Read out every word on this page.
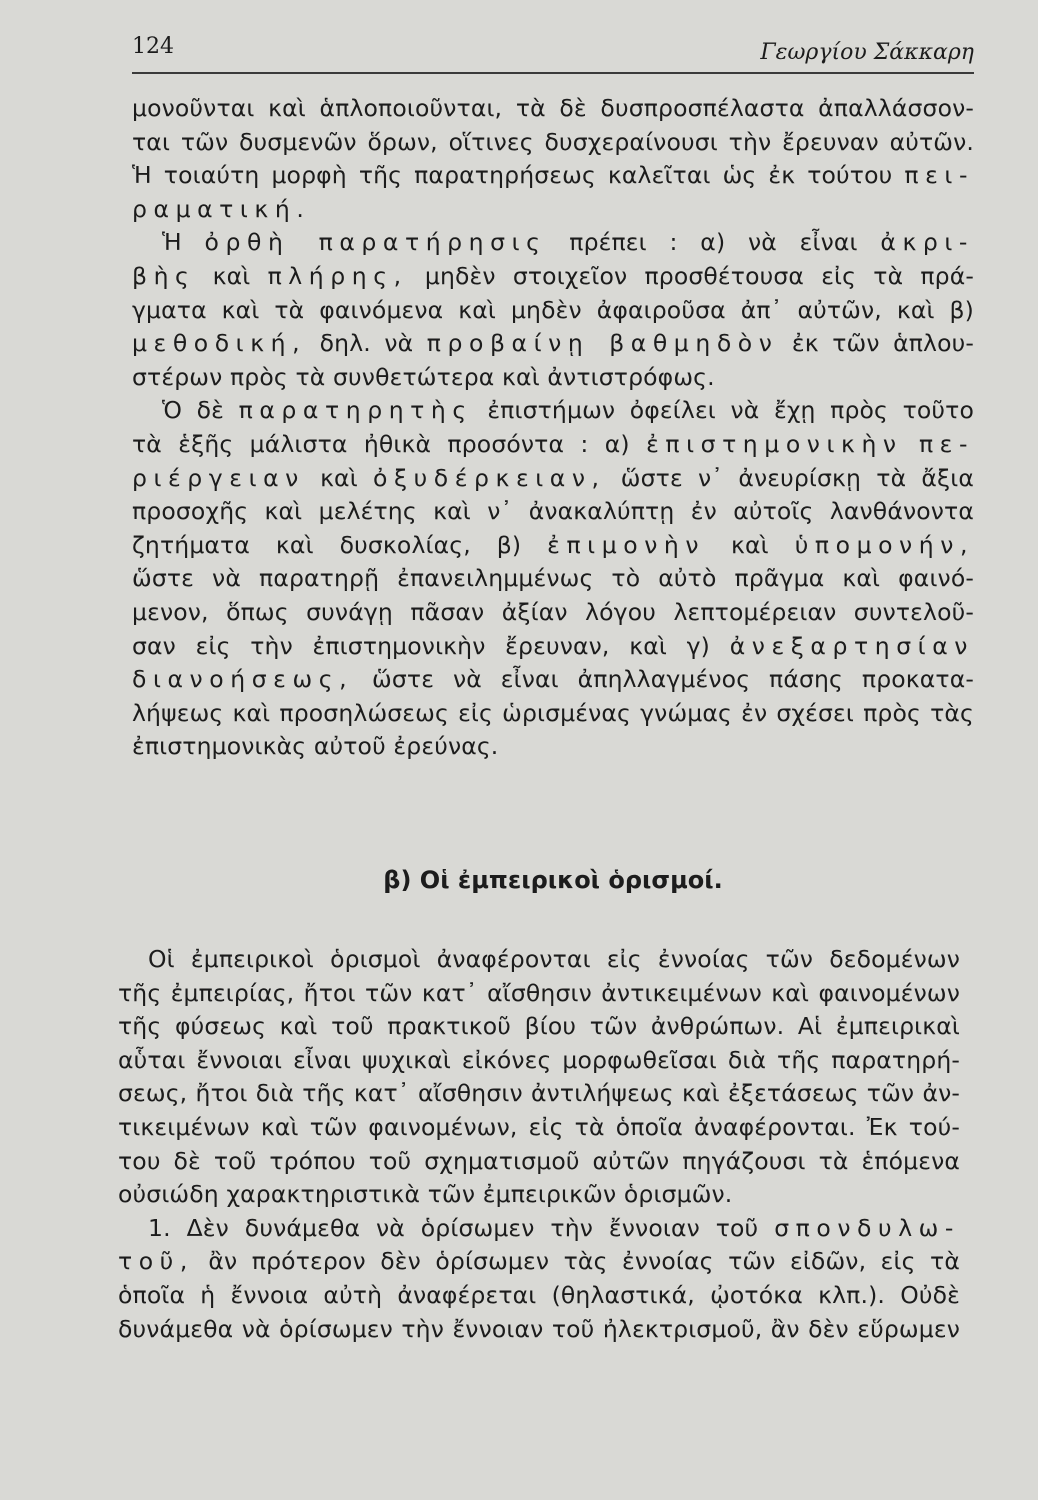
124	Γεωργίου Σάκκαρη
μονοῦνται καὶ ἁπλοποιοῦνται, τὰ δὲ δυσπροσπέλαστα ἀπαλλάσσον-
ται τῶν δυσμενῶν ὅρων, οἵτινες δυσχεραίνουσι τὴν ἔρευναν αὐτῶν.
Ἡ τοιαύτη μορφὴ τῆς παρατηρήσεως καλεῖται ὡς ἐκ τούτου πει-
ραματική.
Ἡ ὀρθὴ παρατήρησις πρέπει : α) νὰ εἶναι ἀκρι-
βὴς καὶ πλήρης, μηδὲν στοιχεῖον προσθέτουσα εἰς τὰ πρά-
γματα καὶ τὰ φαινόμενα καὶ μηδὲν ἀφαιροῦσα ἀπ᾽ αὐτῶν, καὶ β)
μεθοδική, δηλ. νὰ προβαίνῃ βαθμηδὸν ἐκ τῶν ἁπλου-
στέρων πρὸς τὰ συνθετώτερα καὶ ἀντιστρόφως.
Ὁ δὲ παρατηρητὴς ἐπιστήμων ὀφείλει νὰ ἔχῃ πρὸς τοῦτο
τὰ ἑξῆς μάλιστα ἠθικὰ προσόντα : α) ἐπιστημονικὴν πε-
ριέργειαν καὶ ὀξυδέρκειαν, ὥστε ν᾽ ἀνευρίσκῃ τὰ ἄξια
προσοχῆς καὶ μελέτης καὶ ν᾽ ἀνακαλύπτῃ ἐν αὐτοῖς λανθάνοντα
ζητήματα καὶ δυσκολίας, β) ἐπιμονὴν καὶ ὑπομονήν,
ὥστε νὰ παρατηρῇ ἐπανειλημμένως τὸ αὐτὸ πρᾶγμα καὶ φαινό-
μενον, ὅπως συνάγῃ πᾶσαν ἀξίαν λόγου λεπτομέρειαν συντελοῦ-
σαν εἰς τὴν ἐπιστημονικὴν ἔρευναν, καὶ γ) ἀνεξαρτησίαν
διανοήσεως, ὥστε νὰ εἶναι ἀπηλλαγμένος πάσης προκατα-
λήψεως καὶ προσηλώσεως εἰς ὡρισμένας γνώμας ἐν σχέσει πρὸς τὰς
ἐπιστημονικὰς αὐτοῦ ἐρεύνας.
β) Οἱ ἐμπειρικοὶ ὁρισμοί.
Οἱ ἐμπειρικοὶ ὁρισμοὶ ἀναφέρονται εἰς ἐννοίας τῶν δεδομένων
τῆς ἐμπειρίας, ἤτοι τῶν κατ᾽ αἴσθησιν ἀντικειμένων καὶ φαινομένων
τῆς φύσεως καὶ τοῦ πρακτικοῦ βίου τῶν ἀνθρώπων. Αἱ ἐμπειρικαὶ
αὗται ἔννοιαι εἶναι ψυχικαὶ εἰκόνες μορφωθεῖσαι διὰ τῆς παρατηρή-
σεως, ἤτοι διὰ τῆς κατ᾽ αἴσθησιν ἀντιλήψεως καὶ ἐξετάσεως τῶν ἀν-
τικειμένων καὶ τῶν φαινομένων, εἰς τὰ ὁποῖα ἀναφέρονται. Ἐκ τού-
του δὲ τοῦ τρόπου τοῦ σχηματισμοῦ αὐτῶν πηγάζουσι τὰ ἑπόμενα
οὐσιώδη χαρακτηριστικὰ τῶν ἐμπειρικῶν ὁρισμῶν.
1. Δὲν δυνάμεθα νὰ ὁρίσωμεν τὴν ἔννοιαν τοῦ σπονδυλω-
τοῦ, ἂν πρότερον δὲν ὁρίσωμεν τὰς ἐννοίας τῶν εἰδῶν, εἰς τὰ
ὁποῖα ἡ ἔννοια αὐτὴ ἀναφέρεται (θηλαστικά, ᾠοτόκα κλπ.). Οὐδὲ
δυνάμεθα νὰ ὁρίσωμεν τὴν ἔννοιαν τοῦ ἠλεκτρισμοῦ, ἂν δὲν εὕρωμεν
